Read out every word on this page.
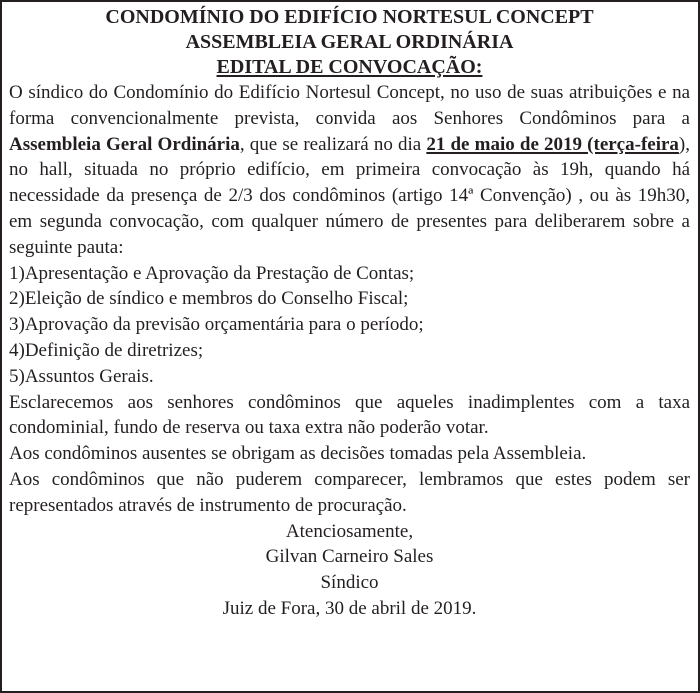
CONDOMÍNIO DO EDIFÍCIO NORTESUL CONCEPT

ASSEMBLEIA GERAL ORDINÁRIA

EDITAL DE CONVOCAÇÃO:

O síndico do Condomínio do Edifício Nortesul Concept, no uso de suas atribuições e na forma convencionalmente prevista, convida aos Senhores Condôminos para a Assembleia Geral Ordinária, que se realizará no dia 21 de maio de 2019 (terça-feira), no hall, situada no próprio edifício, em primeira convocação às 19h, quando há necessidade da presença de 2/3 dos condôminos (artigo 14ª Convenção) , ou às 19h30, em segunda convocação, com qualquer número de presentes para deliberarem sobre a seguinte pauta:

1)Apresentação e Aprovação da Prestação de Contas;
2)Eleição de síndico e membros do Conselho Fiscal;
3)Aprovação da previsão orçamentária para o período;
4)Definição de diretrizes;
5)Assuntos Gerais.

Esclarecemos aos senhores condôminos que aqueles inadimplentes com a taxa condominial, fundo de reserva ou taxa extra não poderão votar.

Aos condôminos ausentes se obrigam as decisões tomadas pela Assembleia.

Aos condôminos que não puderem comparecer, lembramos que estes podem ser representados através de instrumento de procuração.

Atenciosamente,

Gilvan Carneiro Sales

Síndico

Juiz de Fora, 30 de abril de 2019.
